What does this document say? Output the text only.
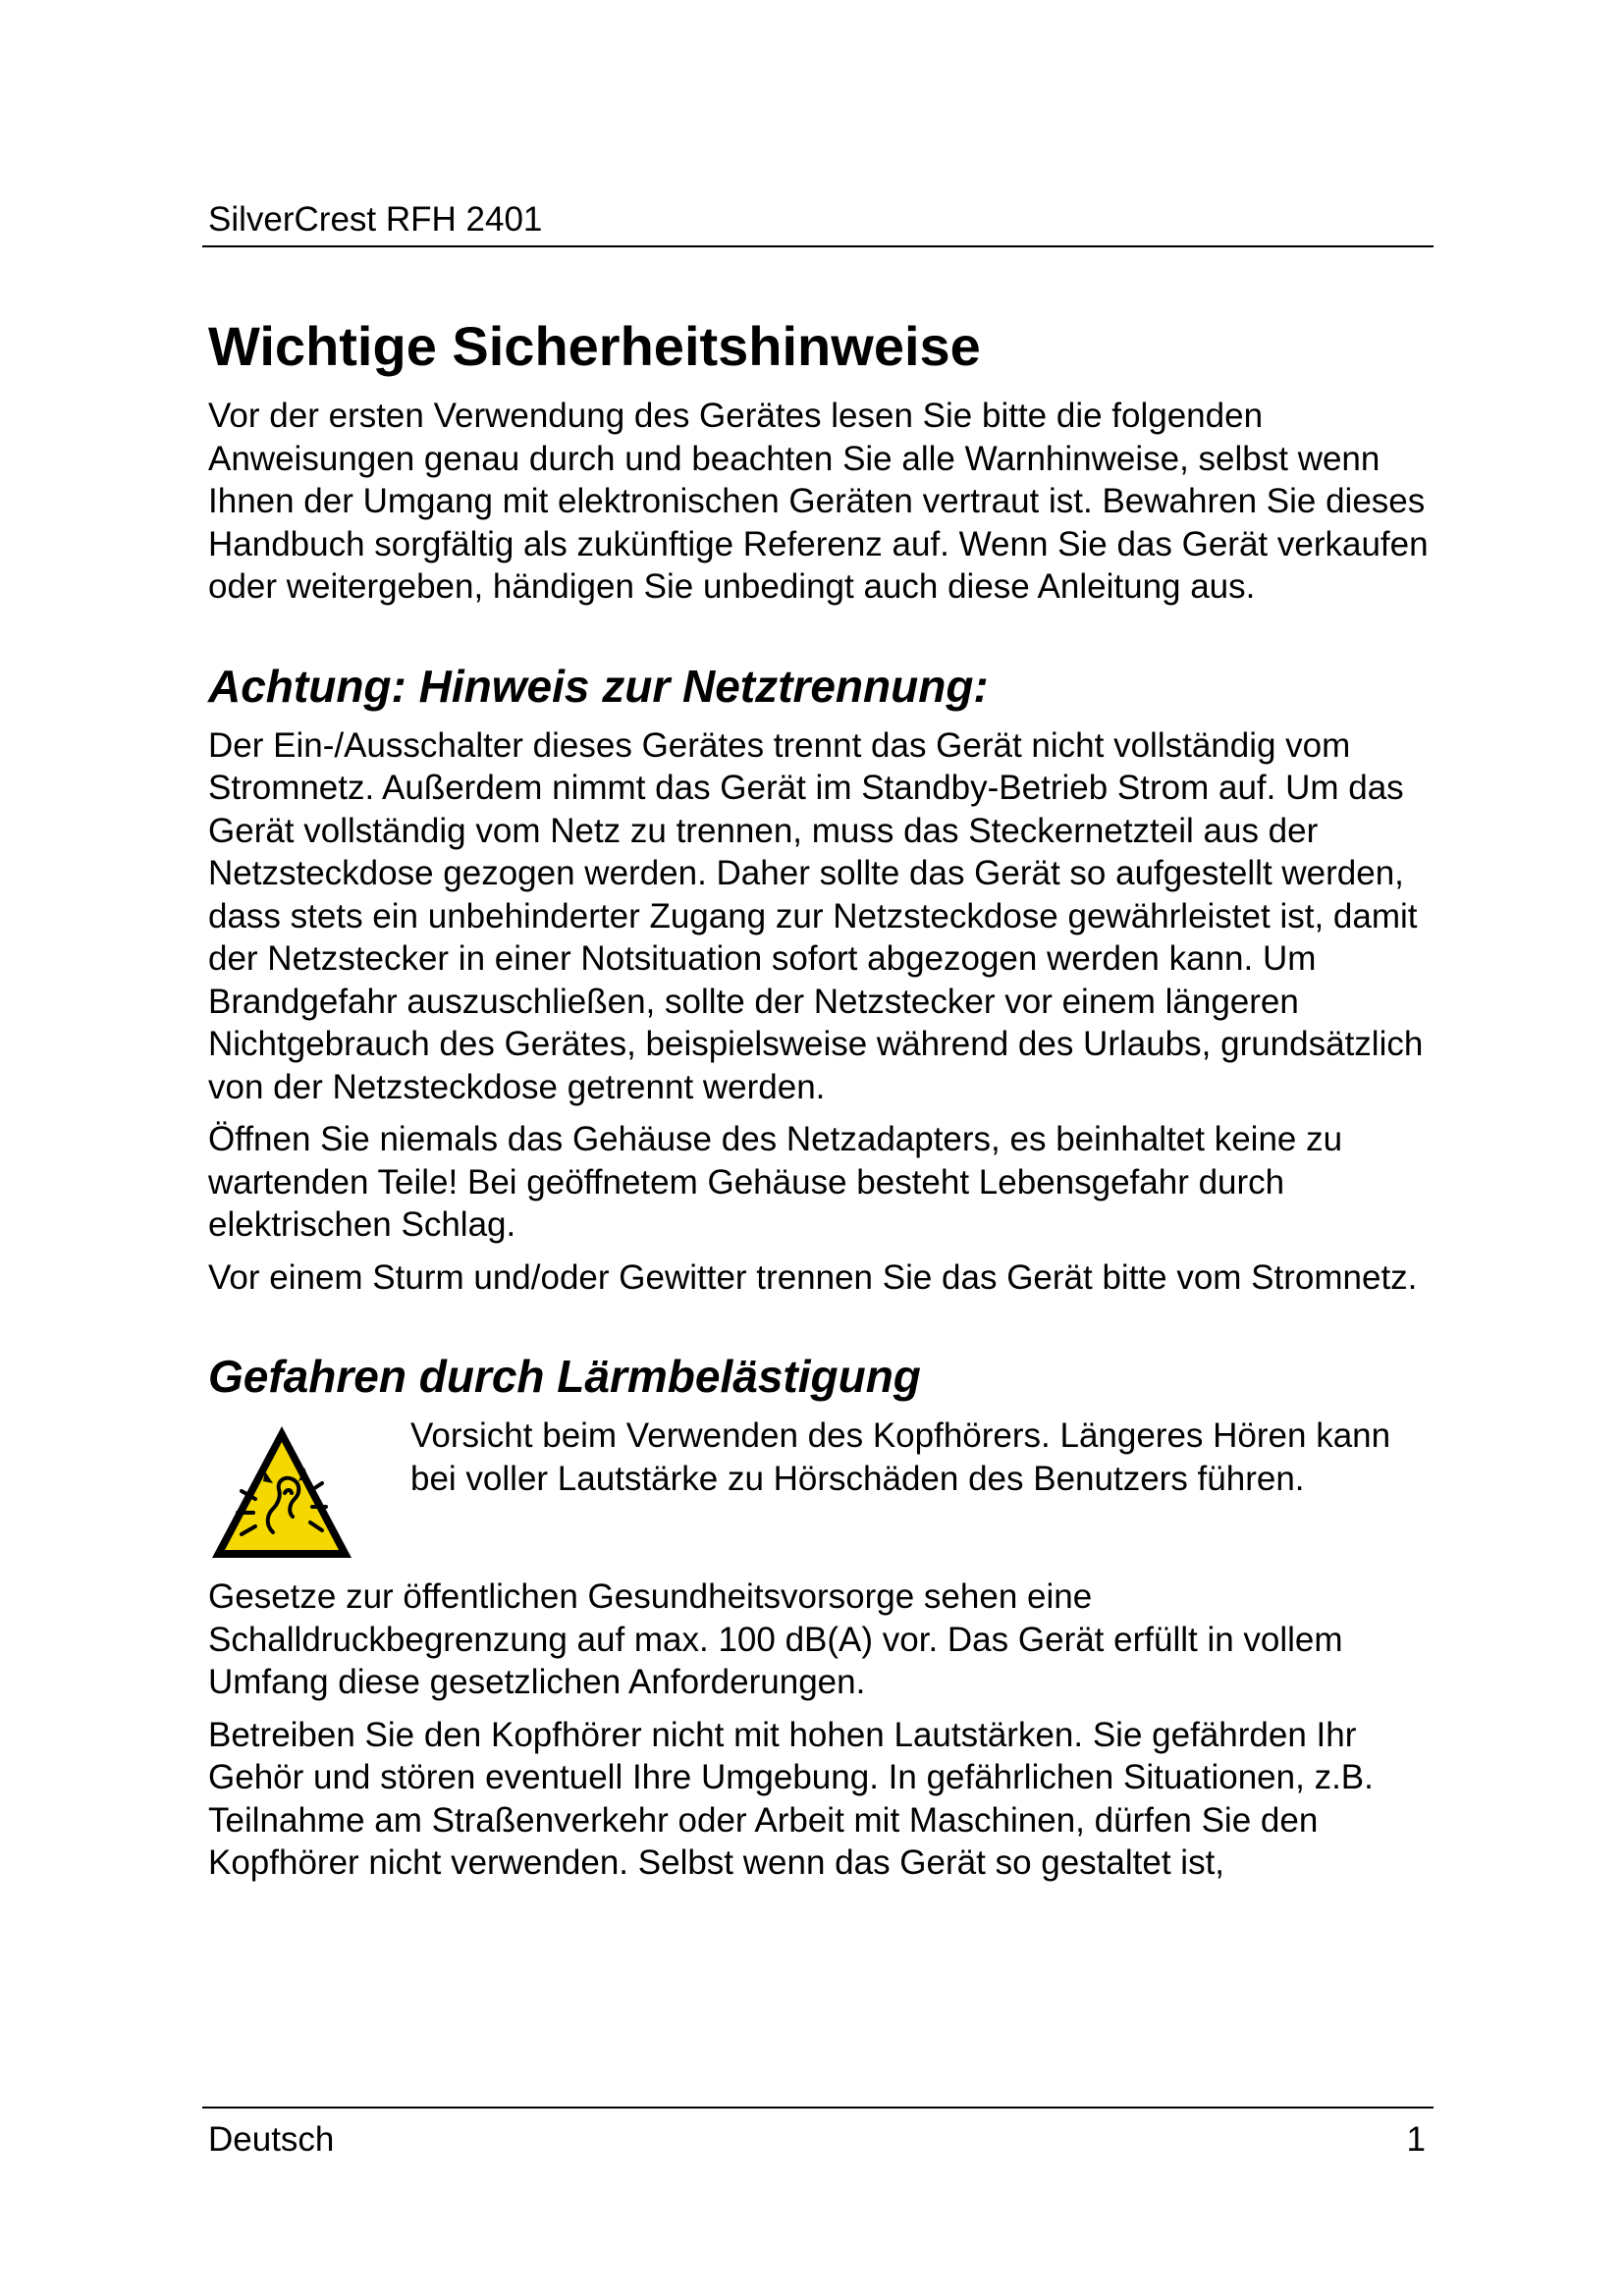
SilverCrest RFH 2401
Wichtige Sicherheitshinweise

Vor der ersten Verwendung des Gerätes lesen Sie bitte die folgenden Anweisungen genau durch und beachten Sie alle Warnhinweise, selbst wenn Ihnen der Umgang mit elektronischen Geräten vertraut ist. Bewahren Sie dieses Handbuch sorgfältig als zukünftige Referenz auf. Wenn Sie das Gerät verkaufen oder weitergeben, händigen Sie unbedingt auch diese Anleitung aus.

Achtung: Hinweis zur Netztrennung:

Der Ein-/Ausschalter dieses Gerätes trennt das Gerät nicht vollständig vom Stromnetz. Außerdem nimmt das Gerät im Standby-Betrieb Strom auf. Um das Gerät vollständig vom Netz zu trennen, muss das Steckernetzteil aus der Netzsteckdose gezogen werden. Daher sollte das Gerät so aufgestellt werden, dass stets ein unbehinderter Zugang zur Netzsteckdose gewährleistet ist, damit der Netzstecker in einer Notsituation sofort abgezogen werden kann. Um Brandgefahr auszuschließen, sollte der Netzstecker vor einem längeren Nichtgebrauch des Gerätes, beispielsweise während des Urlaubs, grundsätzlich von der Netzsteckdose getrennt werden.

Öffnen Sie niemals das Gehäuse des Netzadapters, es beinhaltet keine zu wartenden Teile! Bei geöffnetem Gehäuse besteht Lebensgefahr durch elektrischen Schlag.

Vor einem Sturm und/oder Gewitter trennen Sie das Gerät bitte vom Stromnetz.

Gefahren durch Lärmbelästigung

Vorsicht beim Verwenden des Kopfhörers. Längeres Hören kann bei voller Lautstärke zu Hörschäden des Benutzers führen.

Gesetze zur öffentlichen Gesundheitsvorsorge sehen eine Schalldruckbegrenzung auf max. 100 dB(A) vor. Das Gerät erfüllt in vollem Umfang diese gesetzlichen Anforderungen.

Betreiben Sie den Kopfhörer nicht mit hohen Lautstärken. Sie gefährden Ihr Gehör und stören eventuell Ihre Umgebung. In gefährlichen Situationen, z.B. Teilnahme am Straßenverkehr oder Arbeit mit Maschinen, dürfen Sie den Kopfhörer nicht verwenden. Selbst wenn das Gerät so gestaltet ist,

Deutsch	1
